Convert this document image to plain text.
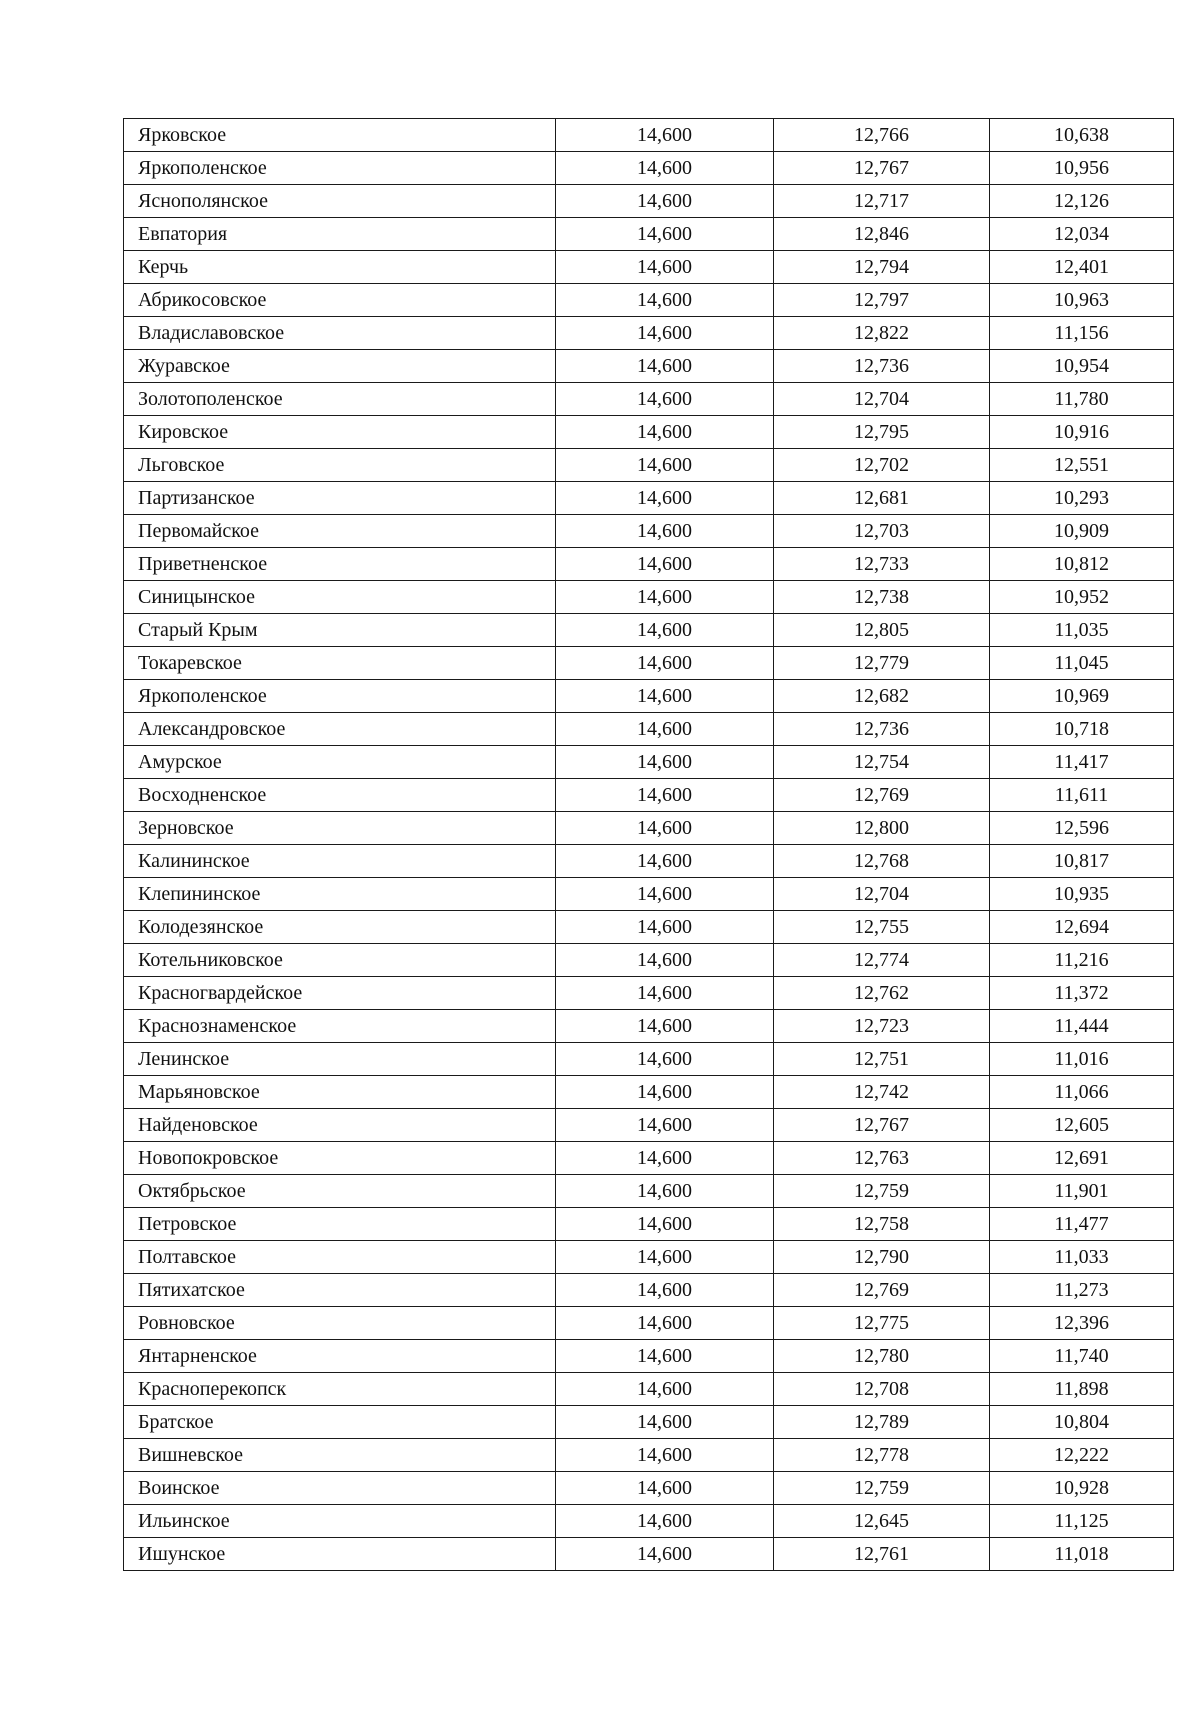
Ярковское	14,600	12,766	10,638
Яркополенское	14,600	12,767	10,956
Яснополянское	14,600	12,717	12,126
Евпатория	14,600	12,846	12,034
Керчь	14,600	12,794	12,401
Абрикосовское	14,600	12,797	10,963
Владиславовское	14,600	12,822	11,156
Журавское	14,600	12,736	10,954
Золотополенское	14,600	12,704	11,780
Кировское	14,600	12,795	10,916
Льговское	14,600	12,702	12,551
Партизанское	14,600	12,681	10,293
Первомайское	14,600	12,703	10,909
Приветненское	14,600	12,733	10,812
Синицынское	14,600	12,738	10,952
Старый Крым	14,600	12,805	11,035
Токаревское	14,600	12,779	11,045
Яркополенское	14,600	12,682	10,969
Александровское	14,600	12,736	10,718
Амурское	14,600	12,754	11,417
Восходненское	14,600	12,769	11,611
Зерновское	14,600	12,800	12,596
Калининское	14,600	12,768	10,817
Клепининское	14,600	12,704	10,935
Колодезянское	14,600	12,755	12,694
Котельниковское	14,600	12,774	11,216
Красногвардейское	14,600	12,762	11,372
Краснознаменское	14,600	12,723	11,444
Ленинское	14,600	12,751	11,016
Марьяновское	14,600	12,742	11,066
Найденовское	14,600	12,767	12,605
Новопокровское	14,600	12,763	12,691
Октябрьское	14,600	12,759	11,901
Петровское	14,600	12,758	11,477
Полтавское	14,600	12,790	11,033
Пятихатское	14,600	12,769	11,273
Ровновское	14,600	12,775	12,396
Янтарненское	14,600	12,780	11,740
Красноперекопск	14,600	12,708	11,898
Братское	14,600	12,789	10,804
Вишневское	14,600	12,778	12,222
Воинское	14,600	12,759	10,928
Ильинское	14,600	12,645	11,125
Ишунское	14,600	12,761	11,018
